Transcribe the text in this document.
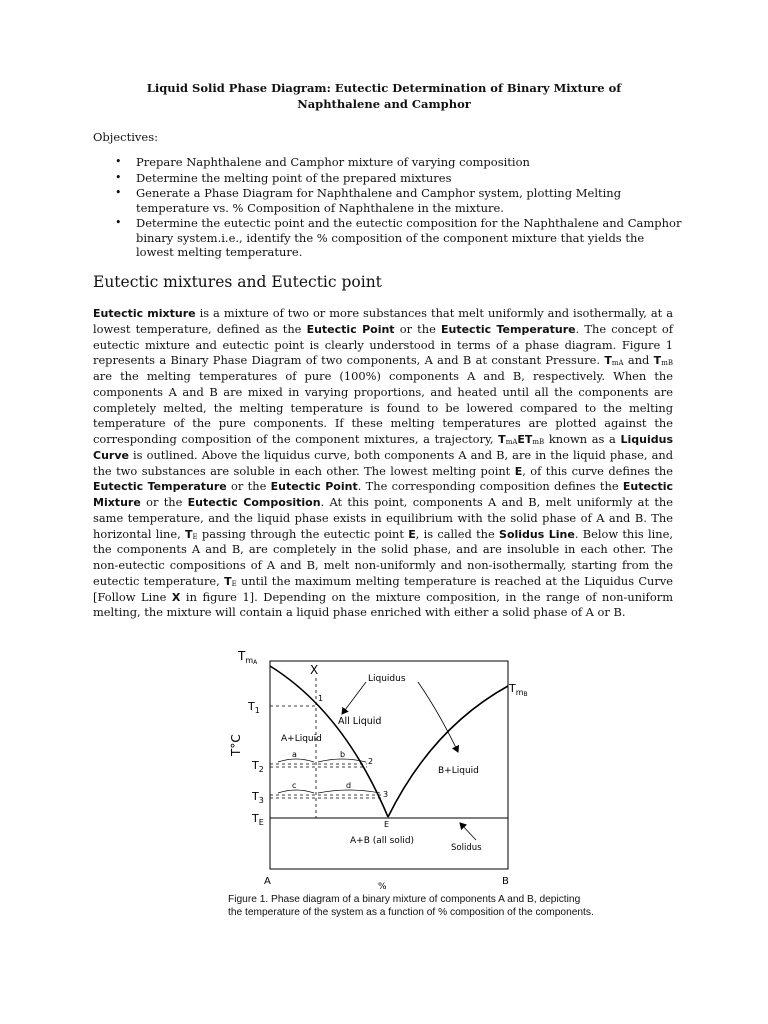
Liquid Solid Phase Diagram: Eutectic Determination of Binary Mixture of
Naphthalene and Camphor
Objectives:
• Prepare Naphthalene and Camphor mixture of varying composition
• Determine the melting point of the prepared mixtures
• Generate a Phase Diagram for Naphthalene and Camphor system, plotting Melting temperature vs. % Composition of Naphthalene in the mixture.
• Determine the eutectic point and the eutectic composition for the Naphthalene and Camphor binary system.i.e., identify the % composition of the component mixture that yields the lowest melting temperature.
Eutectic mixtures and Eutectic point

Eutectic mixture is a mixture of two or more substances that melt uniformly and isothermally, at a lowest temperature, defined as the Eutectic Point or the Eutectic Temperature. The concept of eutectic mixture and eutectic point is clearly understood in terms of a phase diagram. Figure 1 represents a Binary Phase Diagram of two components, A and B at constant Pressure. $T_{mA}$ and $T_{mB}$ are the melting temperatures of pure (100%) components A and B, respectively. When the components A and B are mixed in varying proportions, and heated until all the components are completely melted, the melting temperature is found to be lowered compared to the melting temperature of the pure components. If these melting temperatures are plotted against the corresponding composition of the component mixtures, a trajectory, $T_{mA}ET_{mB}$ known as a Liquidus Curve is outlined. Above the liquidus curve, both components A and B, are in the liquid phase, and the two substances are soluble in each other. The lowest melting point E, of this curve defines the Eutectic Temperature or the Eutectic Point. The corresponding composition defines the Eutectic Mixture or the Eutectic Composition. At this point, components A and B, melt uniformly at the same temperature, and the liquid phase exists in equilibrium with the solid phase of A and B. The horizontal line, $T_E$ passing through the eutectic point E, is called the Solidus Line. Below this line, the components A and B, are completely in the solid phase, and are insoluble in each other. The non-eutectic compositions of A and B, melt non-uniformly and non-isothermally, starting from the eutectic temperature, $T_E$ until the maximum melting temperature is reached at the Liquidus Curve [Follow Line X in figure 1]. Depending on the mixture composition, in the range of non-uniform melting, the mixture will contain a liquid phase enriched with either a solid phase of A or B.

$T_mA$
$T_mB$
X
$T_1$
$T_2$
$T_3$
$T_E$
T°C
1
2
3
a	b
c	d
Liquidus
All Liquid
A+Liquid
B+Liquid
E
A+B (all solid)
Solidus
A	%	B
Figure 1. Phase diagram of a binary mixture of components A and B, depicting
the temperature of the system as a function of % composition of the components.
